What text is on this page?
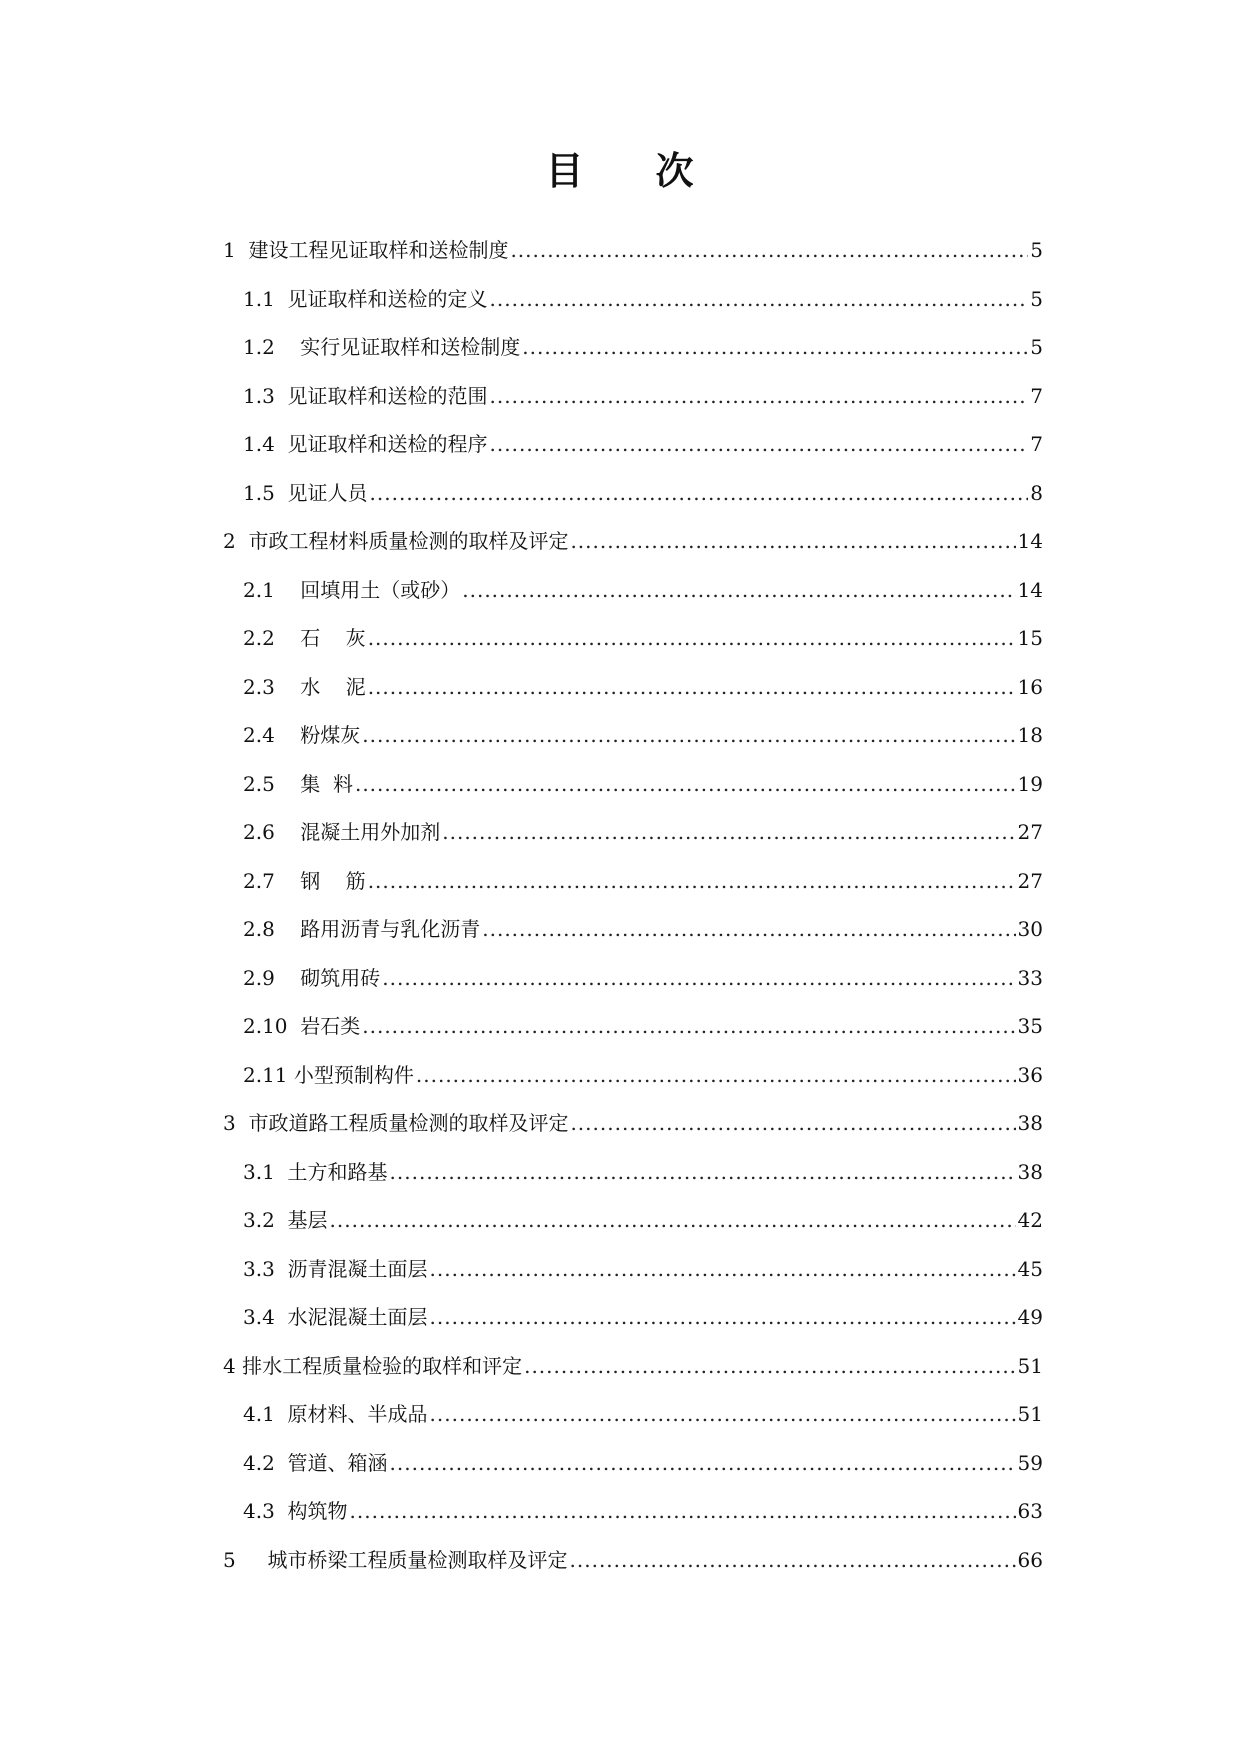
目 次
1 建设工程见证取样和送检制度 .....	5
1.1 见证取样和送检的定义 .....	5
1.2 实行见证取样和送检制度 .....	5
1.3 见证取样和送检的范围 .....	7
1.4 见证取样和送检的程序 .....	7
1.5 见证人员 .....	8
2 市政工程材料质量检测的取样及评定 .....	14
2.1 回填用土（或砂） .....	14
2.2 石    灰 .....	15
2.3 水    泥 .....	16
2.4 粉煤灰 .....	18
2.5 集  料 .....	19
2.6 混凝土用外加剂 .....	27
2.7 钢    筋 .....	27
2.8 路用沥青与乳化沥青 .....	30
2.9 砌筑用砖 .....	33
2.10 岩石类 .....	35
2.11 小型预制构件 .....	36
3 市政道路工程质量检测的取样及评定 .....	38
3.1 土方和路基 .....	38
3.2 基层 .....	42
3.3 沥青混凝土面层 .....	45
3.4 水泥混凝土面层 .....	49
4 排水工程质量检验的取样和评定 .....	51
4.1 原材料、半成品 .....	51
4.2 管道、箱涵 .....	59
4.3 构筑物 .....	63
5 城市桥梁工程质量检测取样及评定 .....	66
